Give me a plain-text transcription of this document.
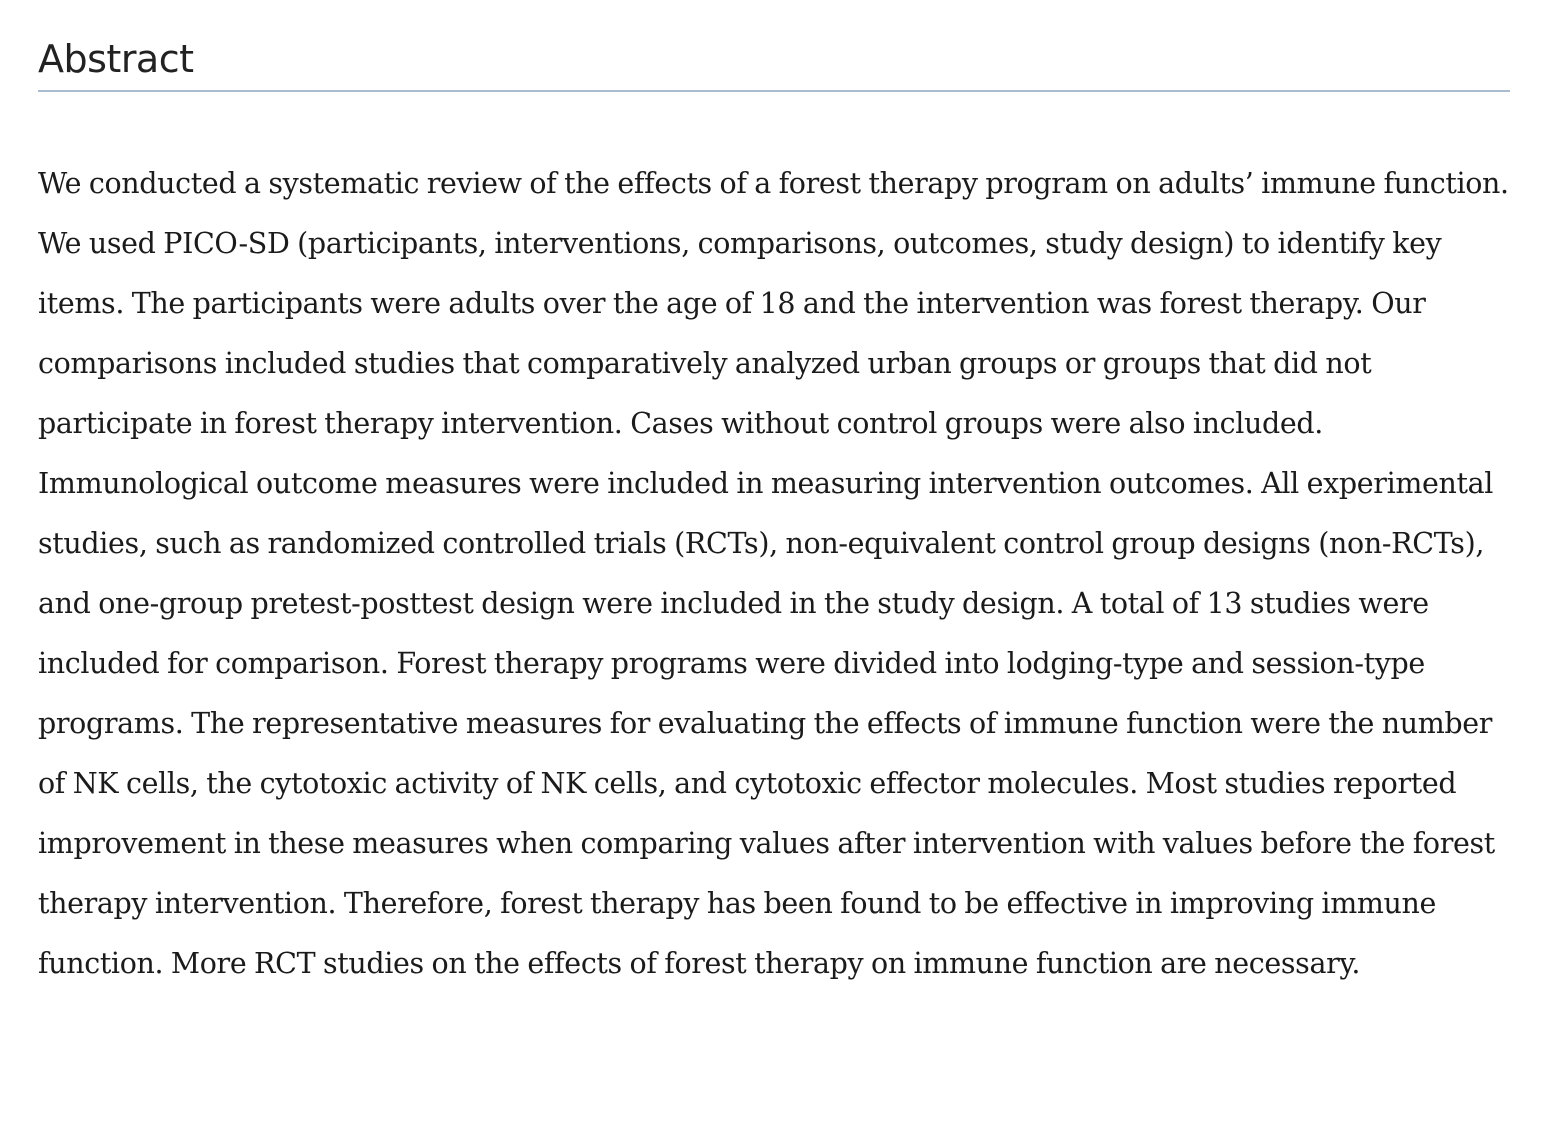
Abstract

We conducted a systematic review of the effects of a forest therapy program on adults’ immune function. We used PICO-SD (participants, interventions, comparisons, outcomes, study design) to identify key items. The participants were adults over the age of 18 and the intervention was forest therapy. Our comparisons included studies that comparatively analyzed urban groups or groups that did not participate in forest therapy intervention. Cases without control groups were also included. Immunological outcome measures were included in measuring intervention outcomes. All experimental studies, such as randomized controlled trials (RCTs), non-equivalent control group designs (non-RCTs), and one-group pretest-posttest design were included in the study design. A total of 13 studies were included for comparison. Forest therapy programs were divided into lodging-type and session-type programs. The representative measures for evaluating the effects of immune function were the number of NK cells, the cytotoxic activity of NK cells, and cytotoxic effector molecules. Most studies reported improvement in these measures when comparing values after intervention with values before the forest therapy intervention. Therefore, forest therapy has been found to be effective in improving immune function. More RCT studies on the effects of forest therapy on immune function are necessary.
